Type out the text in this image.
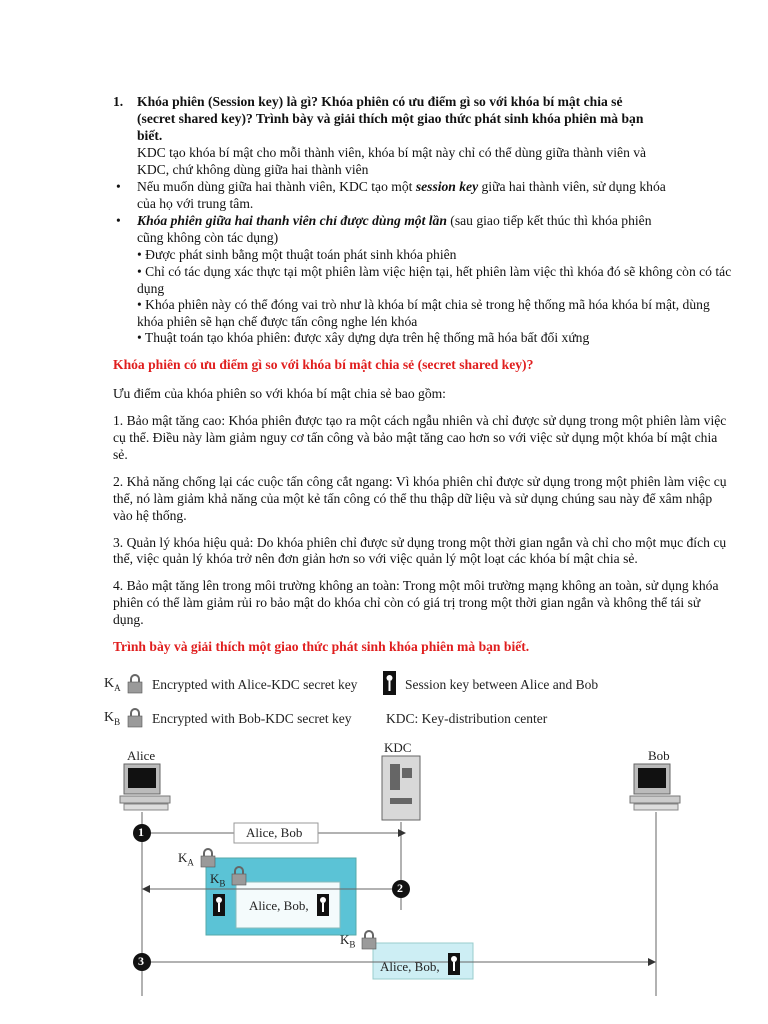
1. Khóa phiên (Session key) là gì? Khóa phiên có ưu điểm gì so với khóa bí mật chia sẻ
(secret shared key)? Trình bày và giải thích một giao thức phát sinh khóa phiên mà bạn
biết.
KDC tạo khóa bí mật cho mỗi thành viên, khóa bí mật này chỉ có thể dùng giữa thành viên và
KDC, chứ không dùng giữa hai thành viên
• Nếu muốn dùng giữa hai thành viên, KDC tạo một session key giữa hai thành viên, sử dụng khóa
của họ với trung tâm.
• Khóa phiên giữa hai thanh viên chỉ được dùng một lần (sau giao tiếp kết thúc thì khóa phiên
cũng không còn tác dụng)
• Được phát sinh bằng một thuật toán phát sinh khóa phiên
• Chỉ có tác dụng xác thực tại một phiên làm việc hiện tại, hết phiên làm việc thì khóa đó sẽ không còn có tác
dụng
• Khóa phiên này có thể đóng vai trò như là khóa bí mật chia sẻ trong hệ thống mã hóa khóa bí mật, dùng
khóa phiên sẽ hạn chế được tấn công nghe lén khóa
• Thuật toán tạo khóa phiên: được xây dựng dựa trên hệ thống mã hóa bất đối xứng
Khóa phiên có ưu điểm gì so với khóa bí mật chia sẻ (secret shared key)?
Ưu điểm của khóa phiên so với khóa bí mật chia sẻ bao gồm:
1. Bảo mật tăng cao: Khóa phiên được tạo ra một cách ngẫu nhiên và chỉ được sử dụng trong một phiên làm việc
cụ thể. Điều này làm giảm nguy cơ tấn công và bảo mật tăng cao hơn so với việc sử dụng một khóa bí mật chia
sẻ.
2. Khả năng chống lại các cuộc tấn công cắt ngang: Vì khóa phiên chỉ được sử dụng trong một phiên làm việc cụ
thể, nó làm giảm khả năng của một kẻ tấn công có thể thu thập dữ liệu và sử dụng chúng sau này để xâm nhập
vào hệ thống.
3. Quản lý khóa hiệu quả: Do khóa phiên chỉ được sử dụng trong một thời gian ngắn và chỉ cho một mục đích cụ
thể, việc quản lý khóa trở nên đơn giản hơn so với việc quản lý một loạt các khóa bí mật chia sẻ.
4. Bảo mật tăng lên trong môi trường không an toàn: Trong một môi trường mạng không an toàn, sử dụng khóa
phiên có thể làm giảm rủi ro bảo mật do khóa chỉ còn có giá trị trong một thời gian ngắn và không thể tái sử
dụng.
Trình bày và giải thích một giao thức phát sinh khóa phiên mà bạn biết.
$K_A$
$K_B$
Encrypted with Alice-KDC secret key
Encrypted with Bob-KDC secret key
Session key between Alice and Bob
KDC: Key-distribution center
Alice
KDC
Bob
1
2
3
Alice, Bob
Alice, Bob,
Alice, Bob,
$K_A$
$K_B$
$K_B$
